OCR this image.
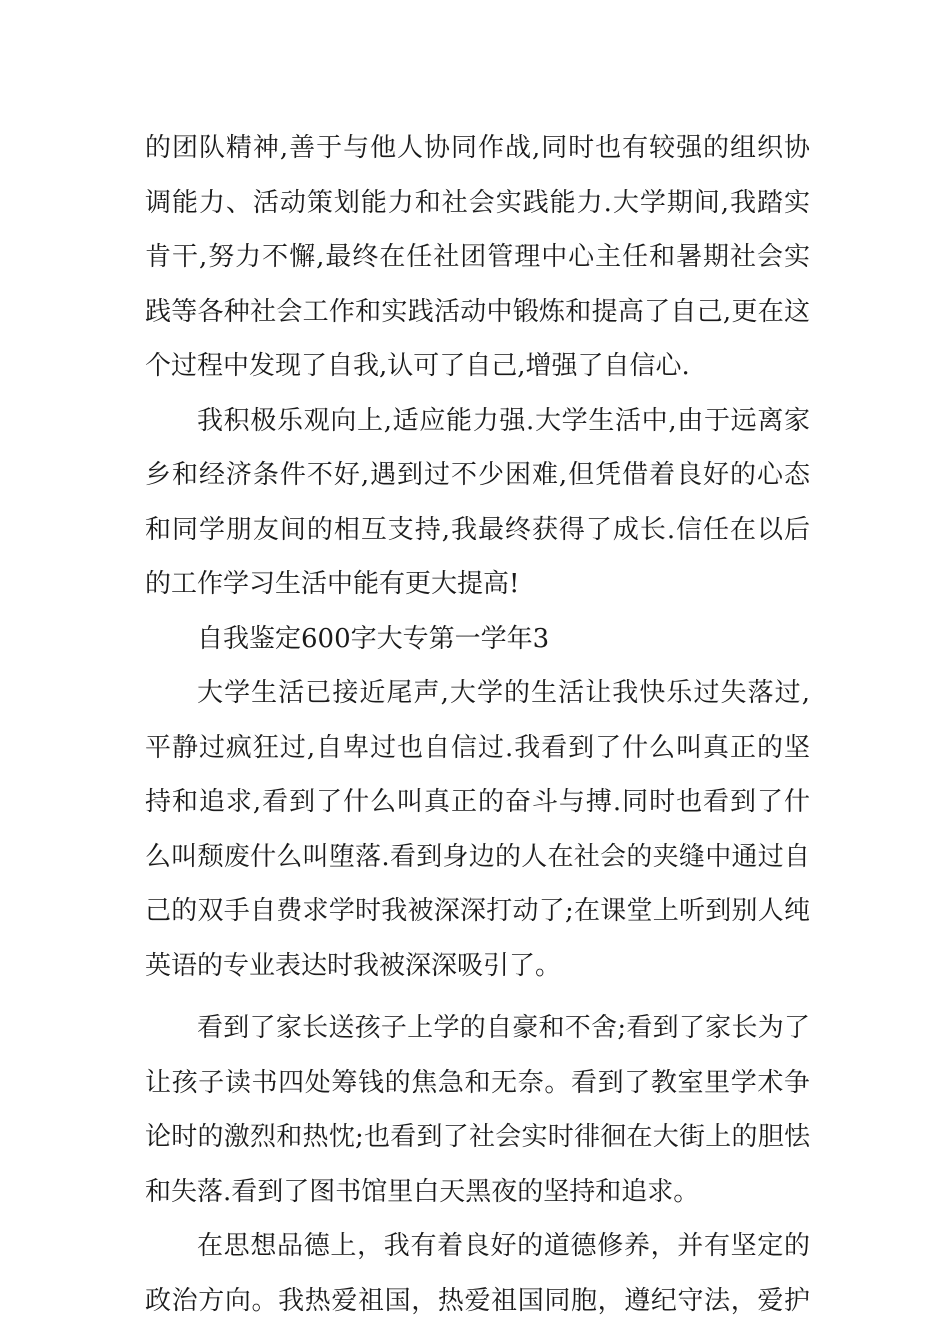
的团队精神,善于与他人协同作战,同时也有较强的组织协
调能力、活动策划能力和社会实践能力.大学期间,我踏实
肯干,努力不懈,最终在任社团管理中心主任和暑期社会实
践等各种社会工作和实践活动中锻炼和提高了自己,更在这
个过程中发现了自我,认可了自己,增强了自信心.
我积极乐观向上,适应能力强.大学生活中,由于远离家
乡和经济条件不好,遇到过不少困难,但凭借着良好的心态
和同学朋友间的相互支持,我最终获得了成长.信任在以后
的工作学习生活中能有更大提高!
自我鉴定600字大专第一学年3
大学生活已接近尾声,大学的生活让我快乐过失落过,
平静过疯狂过,自卑过也自信过.我看到了什么叫真正的坚
持和追求,看到了什么叫真正的奋斗与搏.同时也看到了什
么叫颓废什么叫堕落.看到身边的人在社会的夹缝中通过自
己的双手自费求学时我被深深打动了;在课堂上听到别人纯
英语的专业表达时我被深深吸引了。
看到了家长送孩子上学的自豪和不舍;看到了家长为了
让孩子读书四处筹钱的焦急和无奈。看到了教室里学术争
论时的激烈和热忱;也看到了社会实时徘徊在大街上的胆怯
和失落.看到了图书馆里白天黑夜的坚持和追求。
在思想品德上，我有着良好的道德修养，并有坚定的
政治方向。我热爱祖国，热爱祖国同胞，遵纪守法，爱护
